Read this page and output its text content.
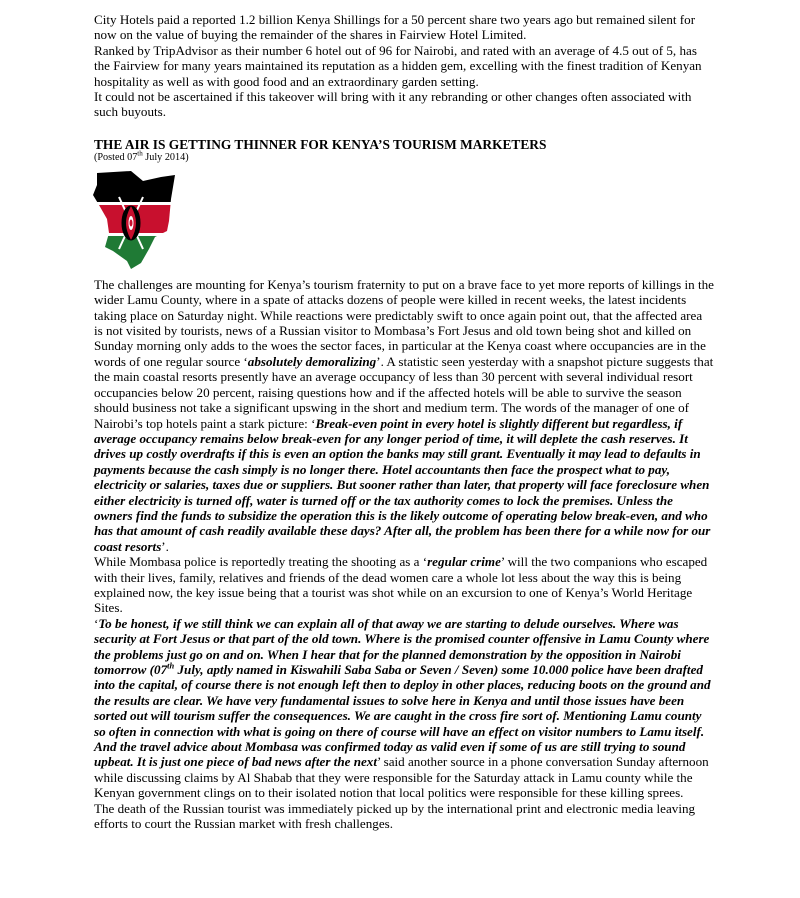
City Hotels paid a reported 1.2 billion Kenya Shillings for a 50 percent share two years ago but remained silent for now on the value of buying the remainder of the shares in Fairview Hotel Limited.

Ranked by TripAdvisor as their number 6 hotel out of 96 for Nairobi, and rated with an average of 4.5 out of 5, has the Fairview for many years maintained its reputation as a hidden gem, excelling with the finest tradition of Kenyan hospitality as well as with good food and an extraordinary garden setting.

It could not be ascertained if this takeover will bring with it any rebranding or other changes often associated with such buyouts.

THE AIR IS GETTING THINNER FOR KENYA’S TOURISM MARKETERS
(Posted 07th July 2014)

The challenges are mounting for Kenya’s tourism fraternity to put on a brave face to yet more reports of killings in the wider Lamu County, where in a spate of attacks dozens of people were killed in recent weeks, the latest incidents taking place on Saturday night. While reactions were predictably swift to once again point out, that the affected area is not visited by tourists, news of a Russian visitor to Mombasa’s Fort Jesus and old town being shot and killed on Sunday morning only adds to the woes the sector faces, in particular at the Kenya coast where occupancies are in the words of one regular source ‘absolutely demoralizing’. A statistic seen yesterday with a snapshot picture suggests that the main coastal resorts presently have an average occupancy of less than 30 percent with several individual resort occupancies below 20 percent, raising questions how and if the affected hotels will be able to survive the season should business not take a significant upswing in the short and medium term. The words of the manager of one of Nairobi’s top hotels paint a stark picture: ‘Break-even point in every hotel is slightly different but regardless, if average occupancy remains below break-even for any longer period of time, it will deplete the cash reserves. It drives up costly overdrafts if this is even an option the banks may still grant. Eventually it may lead to defaults in payments because the cash simply is no longer there. Hotel accountants then face the prospect what to pay, electricity or salaries, taxes due or suppliers. But sooner rather than later, that property will face foreclosure when either electricity is turned off, water is turned off or the tax authority comes to lock the premises. Unless the owners find the funds to subsidize the operation this is the likely outcome of operating below break-even, and who has that amount of cash readily available these days? After all, the problem has been there for a while now for our coast resorts’.

While Mombasa police is reportedly treating the shooting as a ‘regular crime’ will the two companions who escaped with their lives, family, relatives and friends of the dead women care a whole lot less about the way this is being explained now, the key issue being that a tourist was shot while on an excursion to one of Kenya’s World Heritage Sites.

‘To be honest, if we still think we can explain all of that away we are starting to delude ourselves. Where was security at Fort Jesus or that part of the old town. Where is the promised counter offensive in Lamu County where the problems just go on and on. When I hear that for the planned demonstration by the opposition in Nairobi tomorrow (07th July, aptly named in Kiswahili Saba Saba or Seven / Seven) some 10.000 police have been drafted into the capital, of course there is not enough left then to deploy in other places, reducing boots on the ground and the results are clear. We have very fundamental issues to solve here in Kenya and until those issues have been sorted out will tourism suffer the consequences. We are caught in the cross fire sort of. Mentioning Lamu county so often in connection with what is going on there of course will have an effect on visitor numbers to Lamu itself. And the travel advice about Mombasa was confirmed today as valid even if some of us are still trying to sound upbeat. It is just one piece of bad news after the next’ said another source in a phone conversation Sunday afternoon while discussing claims by Al Shabab that they were responsible for the Saturday attack in Lamu county while the Kenyan government clings on to their isolated notion that local politics were responsible for these killing sprees.

The death of the Russian tourist was immediately picked up by the international print and electronic media leaving efforts to court the Russian market with fresh challenges.
